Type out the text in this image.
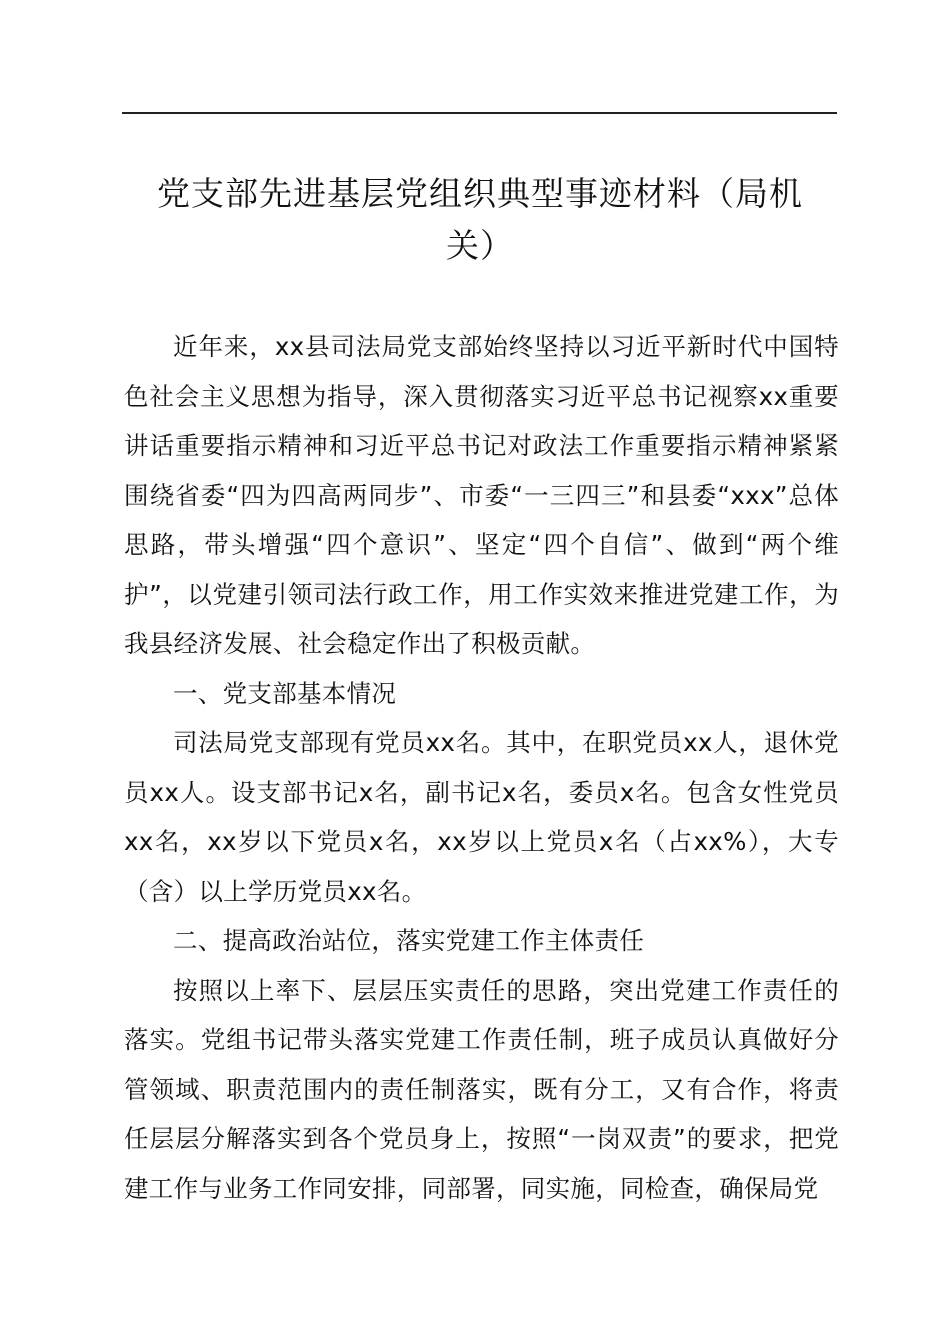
党支部先进基层党组织典型事迹材料（局机
关）

近年来，xx县司法局党支部始终坚持以习近平新时代中国特色社会主义思想为指导，深入贯彻落实习近平总书记视察xx重要讲话重要指示精神和习近平总书记对政法工作重要指示精神紧紧围绕省委“四为四高两同步”、市委“一三四三”和县委“xxx”总体思路，带头增强“四个意识”、坚定“四个自信”、做到“两个维护”，以党建引领司法行政工作，用工作实效来推进党建工作，为我县经济发展、社会稳定作出了积极贡献。

一、党支部基本情况

司法局党支部现有党员xx名。其中，在职党员xx人，退休党员xx人。设支部书记x名，副书记x名，委员x名。包含女性党员xx名，xx岁以下党员x名，xx岁以上党员x名（占xx%），大专（含）以上学历党员xx名。

二、提高政治站位，落实党建工作主体责任

按照以上率下、层层压实责任的思路，突出党建工作责任的落实。党组书记带头落实党建工作责任制，班子成员认真做好分管领域、职责范围内的责任制落实，既有分工，又有合作，将责任层层分解落实到各个党员身上，按照“一岗双责”的要求，把党建工作与业务工作同安排，同部署，同实施，同检查，确保局党
